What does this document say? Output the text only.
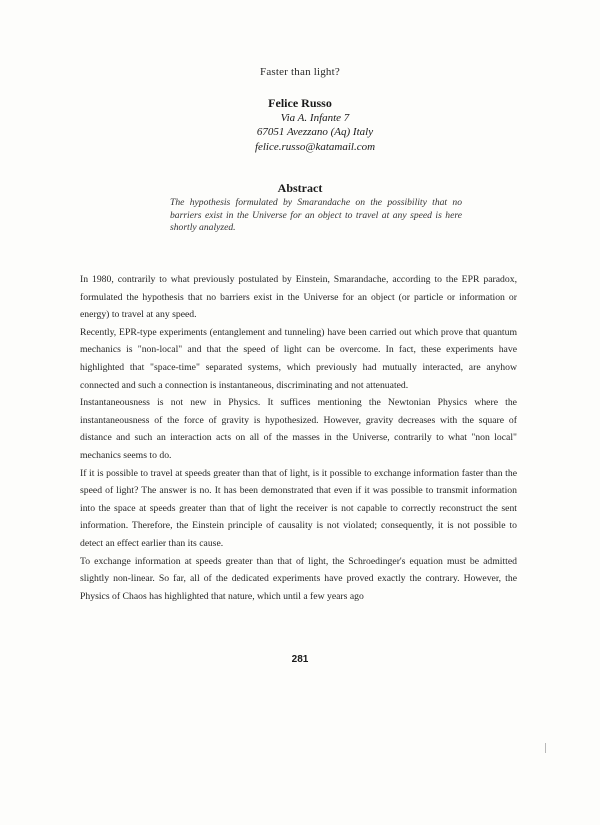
Faster than light?
Felice Russo
Via A. Infante 7
67051 Avezzano (Aq) Italy
felice.russo@katamail.com
Abstract
The hypothesis formulated by Smarandache on the possibility that no barriers exist in the Universe for an object to travel at any speed is here shortly analyzed.

In 1980, contrarily to what previously postulated by Einstein, Smarandache, according to the EPR paradox, formulated the hypothesis that no barriers exist in the Universe for an object (or particle or information or energy) to travel at any speed.

Recently, EPR-type experiments (entanglement and tunneling) have been carried out which prove that quantum mechanics is "non-local" and that the speed of light can be overcome. In fact, these experiments have highlighted that "space-time" separated systems, which previously had mutually interacted, are anyhow connected and such a connection is instantaneous, discriminating and not attenuated.

Instantaneousness is not new in Physics. It suffices mentioning the Newtonian Physics where the instantaneousness of the force of gravity is hypothesized. However, gravity decreases with the square of distance and such an interaction acts on all of the masses in the Universe, contrarily to what "non local" mechanics seems to do.

If it is possible to travel at speeds greater than that of light, is it possible to exchange information faster than the speed of light? The answer is no. It has been demonstrated that even if it was possible to transmit information into the space at speeds greater than that of light the receiver is not capable to correctly reconstruct the sent information. Therefore, the Einstein principle of causality is not violated; consequently, it is not possible to detect an effect earlier than its cause.

To exchange information at speeds greater than that of light, the Schroedinger's equation must be admitted slightly non-linear. So far, all of the dedicated experiments have proved exactly the contrary. However, the Physics of Chaos has highlighted that nature, which until a few years ago

281
